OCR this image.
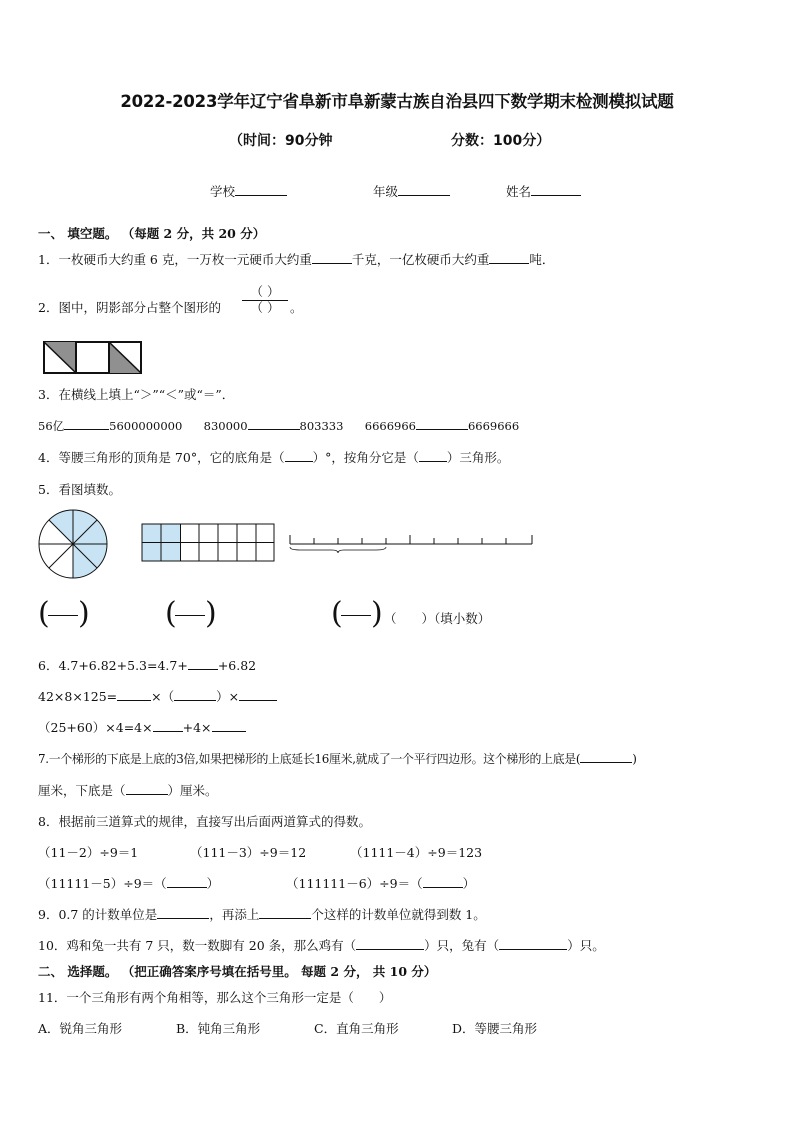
2022-2023学年辽宁省阜新市阜新蒙古族自治县四下数学期末检测模拟试题
（时间：90分钟	分数：100分）
学校	年级	姓名
一、 填空题。 （每题 2 分，共 20 分）
1．一枚硬币大约重 6 克，一万枚一元硬币大约重	千克，一亿枚硬币大约重	吨．
2．图中，阴影部分占整个图形的
（ ）
（ ） 。
3．在横线上填上“＞”“＜”或“＝”．
56亿	5600000000 830000	803333 6666966	6669666
4．等腰三角形的顶角是 70°，它的底角是（ ）°，按角分它是（ ）三角形。
5．看图填数。
( )	( )	( ) （　　）（填小数）
6．4.7+6.82+5.3=4.7+ +6.82
42×8×125=	×（	）×
（25+60）×4=4× +4×
7.一个梯形的下底是上底的3倍,如果把梯形的上底延长16厘米,就成了一个平行四边形。这个梯形的上底是(	)
厘米，下底是（	）厘米。
8．根据前三道算式的规律，直接写出后面两道算式的得数。
（11－2）÷9＝1	（111－3）÷9＝12	（1111－4）÷9＝123
（11111－5）÷9＝（	）	（111111－6）÷9＝（	）
9．0.7 的计数单位是	，再添上	个这样的计数单位就得到数 1。
10．鸡和兔一共有 7 只，数一数脚有 20 条，那么鸡有（	）只，兔有（	）只。
二、 选择题。 （把正确答案序号填在括号里。 每题 2 分， 共 10 分）
11．一个三角形有两个角相等，那么这个三角形一定是（　　）
A．锐角三角形	B．钝角三角形	C．直角三角形	D．等腰三角形
